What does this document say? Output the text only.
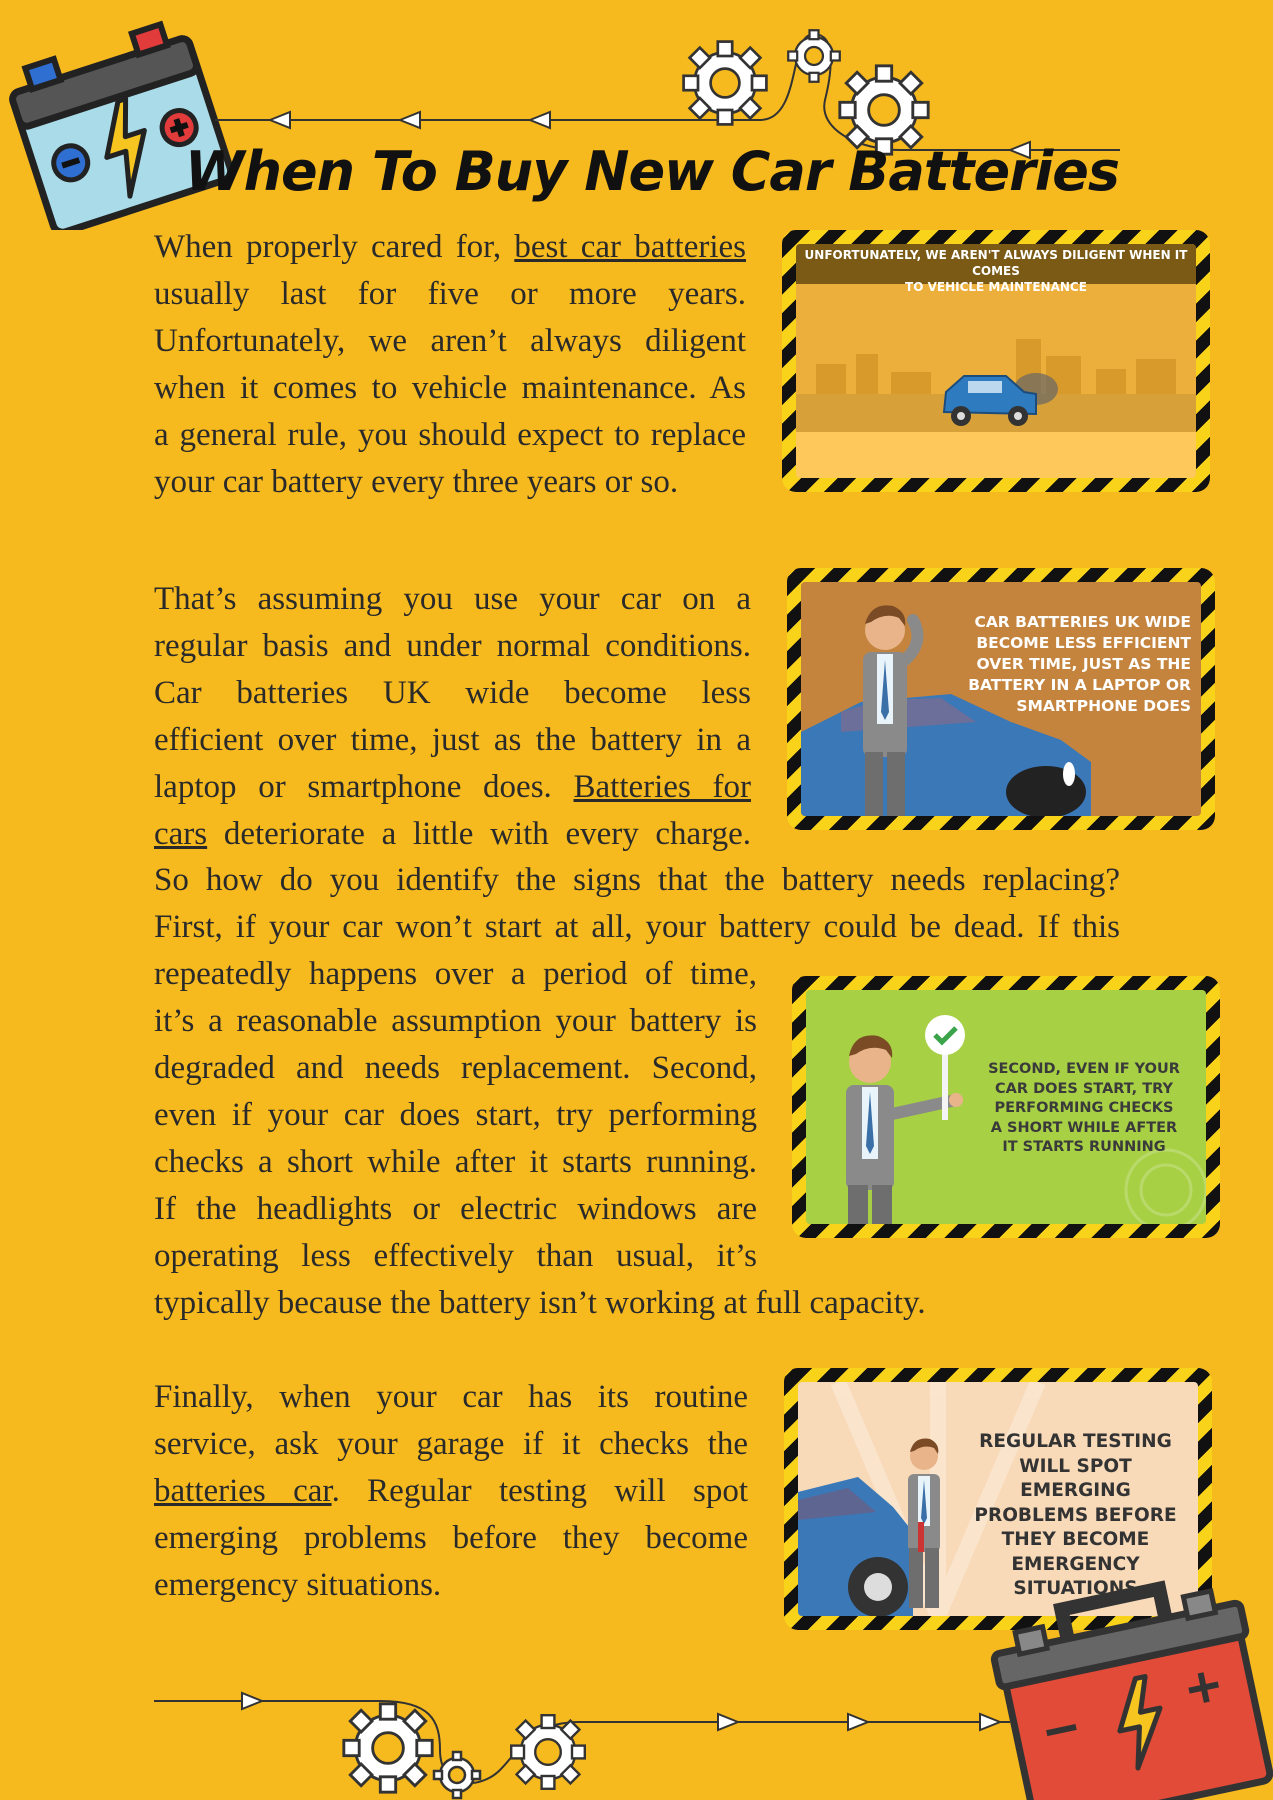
When To Buy New Car Batteries
When properly cared for, best car batteries
usually last for five or more years.
Unfortunately, we aren’t always diligent
when it comes to vehicle maintenance. As
a general rule, you should expect to replace
your car battery every three years or so.
UNFORTUNATELY, WE AREN'T ALWAYS DILIGENT WHEN IT COMES
TO VEHICLE MAINTENANCE
That’s assuming you use your car on a
regular basis and under normal conditions.
Car batteries UK wide become less
efficient over time, just as the battery in a
laptop or smartphone does. Batteries for
cars deteriorate a little with every charge.
CAR BATTERIES UK WIDE
BECOME LESS EFFICIENT
OVER TIME, JUST AS THE
BATTERY IN A LAPTOP OR
SMARTPHONE DOES
So how do you identify the signs that the battery needs replacing?
First, if your car won’t start at all, your battery could be dead. If this
repeatedly happens over a period of time,
it’s a reasonable assumption your battery is
degraded and needs replacement. Second,
even if your car does start, try performing
checks a short while after it starts running.
If the headlights or electric windows are
operating less effectively than usual, it’s
typically because the battery isn’t working at full capacity.
SECOND, EVEN IF YOUR
CAR DOES START, TRY
PERFORMING CHECKS
A SHORT WHILE AFTER
IT STARTS RUNNING
Finally, when your car has its routine
service, ask your garage if it checks the
batteries car. Regular testing will spot
emerging problems before they become
emergency situations.
REGULAR TESTING
WILL SPOT EMERGING
PROBLEMS BEFORE
THEY BECOME
EMERGENCY
SITUATIONS
